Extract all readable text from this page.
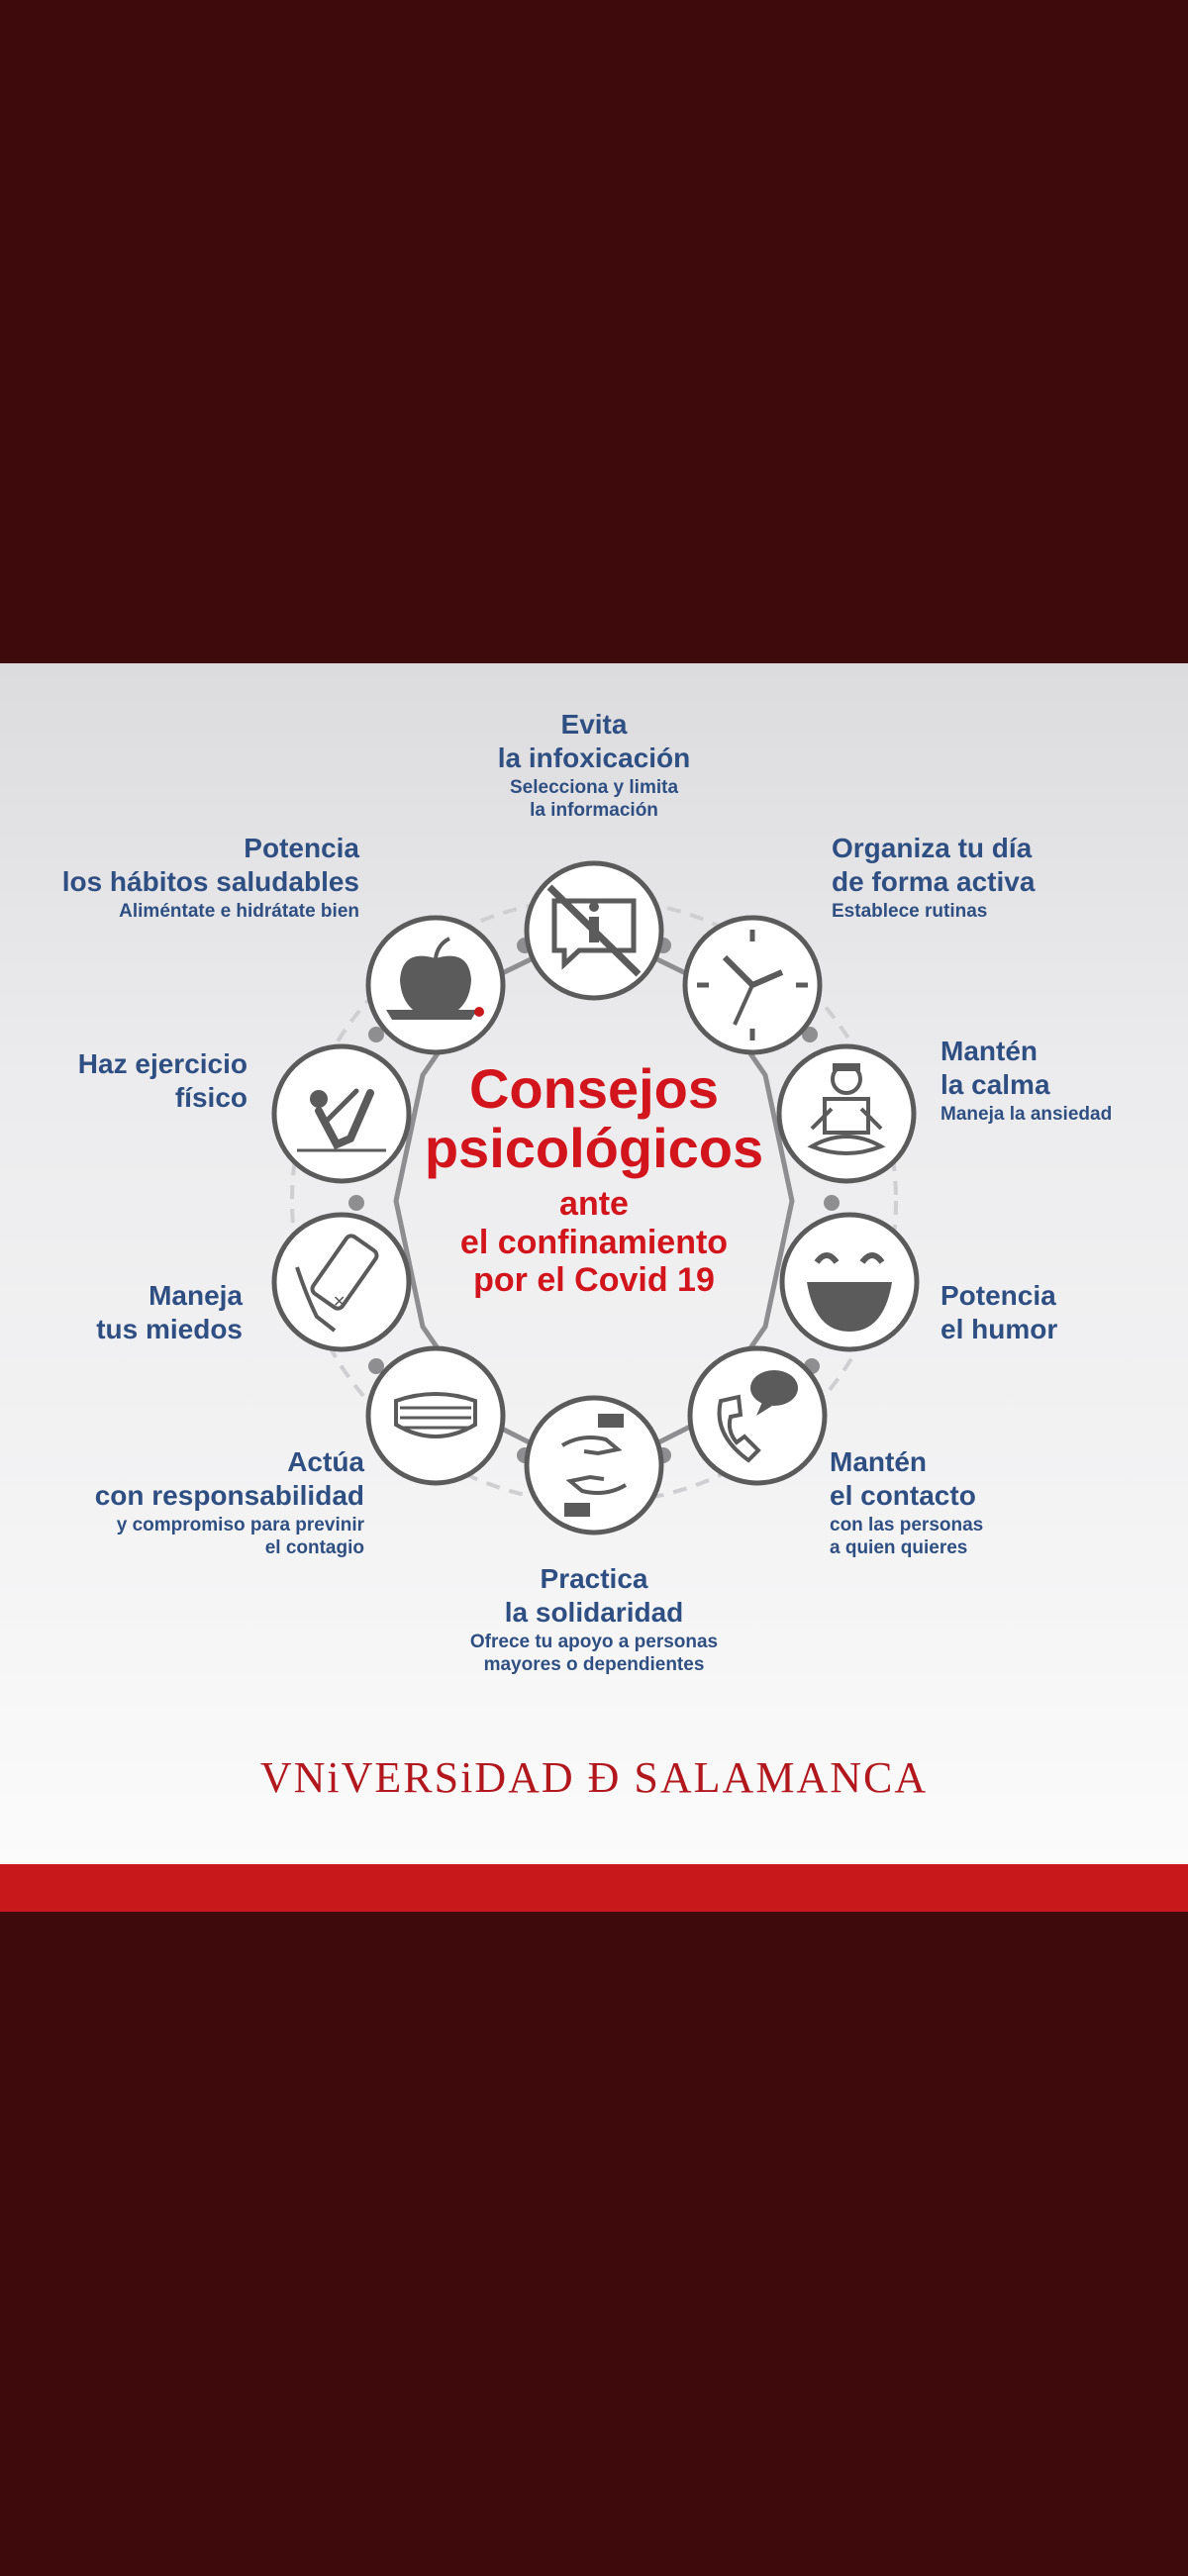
✕
Consejos
psicológicos
ante
el confinamiento
por el Covid 19
Evita
la infoxicación
Selecciona y limita
la información
Organiza tu día
de forma activa
Establece rutinas
Mantén
la calma
Maneja la ansiedad
Potencia
el humor
Mantén
el contacto
con las personas
a quien quieres
Practica
la solidaridad
Ofrece tu apoyo a personas
mayores o dependientes
Actúa
con responsabilidad
y compromiso para previnir
el contagio
Maneja
tus miedos
Haz ejercicio
físico
Potencia
los hábitos saludables
Aliméntate e hidrátate bien
VNiVERSiDAD Ð SALAMANCA
